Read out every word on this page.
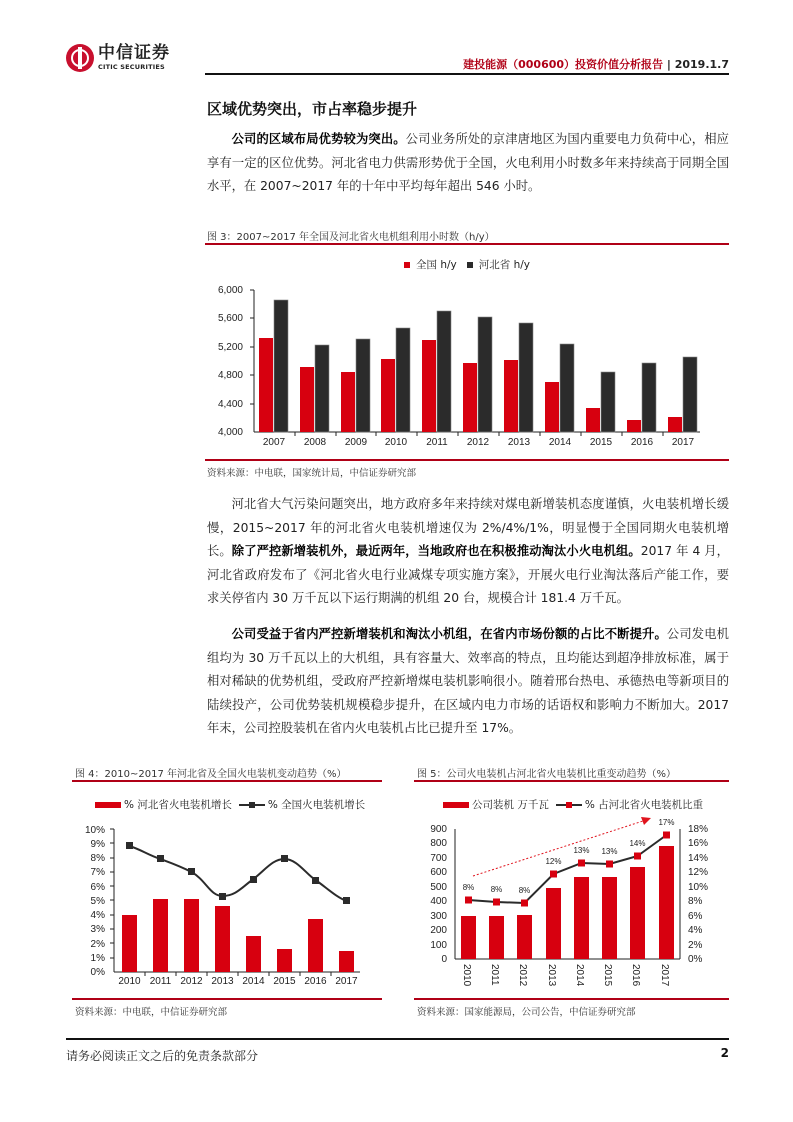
中信证券
CITIC SECURITIES	建投能源（000600）投资价值分析报告 | 2019.1.7
区域优势突出，市占率稳步提升
公司的区域布局优势较为突出。公司业务所处的京津唐地区为国内重要电力负荷中心，相应享有一定的区位优势。河北省电力供需形势优于全国，火电利用小时数多年来持续高于同期全国水平，在 2007~2017 年的十年中平均每年超出 546 小时。
图 3：2007~2017 年全国及河北省火电机组利用小时数（h/y）
全国 h/y 河北省 h/y
4,000
4,400
4,800
5,200
5,600
6,000
2007 2008 2009 2010 2011 2012 2013 2014 2015 2016 2017
资料来源：中电联，国家统计局，中信证券研究部
河北省大气污染问题突出，地方政府多年来持续对煤电新增装机态度谨慎，火电装机增长缓慢，2015~2017 年的河北省火电装机增速仅为 2%/4%/1%，明显慢于全国同期火电装机增长。除了严控新增装机外，最近两年，当地政府也在积极推动淘汰小火电机组。2017 年 4 月，河北省政府发布了《河北省火电行业减煤专项实施方案》，开展火电行业淘汰落后产能工作，要求关停省内 30 万千瓦以下运行期满的机组 20 台，规模合计 181.4 万千瓦。
公司受益于省内严控新增装机和淘汰小机组，在省内市场份额的占比不断提升。公司发电机组均为 30 万千瓦以上的大机组，具有容量大、效率高的特点，且均能达到超净排放标准，属于相对稀缺的优势机组，受政府严控新增煤电装机影响很小。随着邢台热电、承德热电等新项目的陆续投产，公司优势装机规模稳步提升，在区域内电力市场的话语权和影响力不断加大。2017 年末，公司控股装机在省内火电装机占比已提升至 17%。
图 4：2010~2017 年河北省及全国火电装机变动趋势（%）
% 河北省火电装机增长	% 全国火电装机增长
0%
1%
2%
3%
4%
5%
6%
7%
8%
9%
10%
2010 2011 2012 2013 2014 2015 2016 2017
资料来源：中电联，中信证券研究部
图 5：公司火电装机占河北省火电装机比重变动趋势（%）
公司装机 万千瓦	% 占河北省火电装机比重
0
100
200
300
400
500
600
700
800
900
0%
2%
4%
6%
8%
10%
12%
14%
16%
18%
8% 8% 8%
12%
13% 13%
14%
17%
2010 2011 2012 2013 2014 2015 2016 2017
资料来源：国家能源局，公司公告，中信证券研究部
请务必阅读正文之后的免责条款部分	2
